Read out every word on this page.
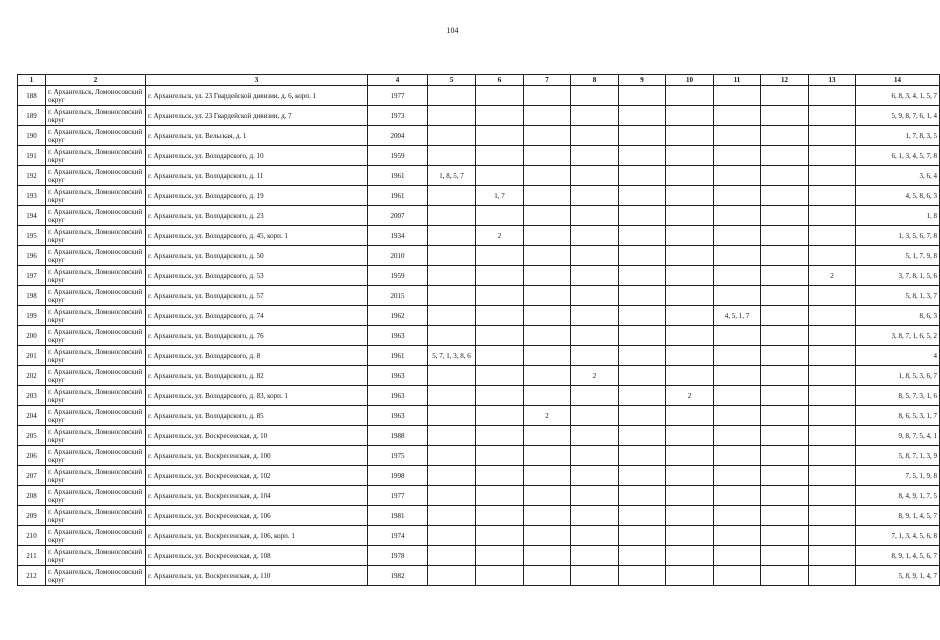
104
1	2	3	4	5	6	7	8	9	10	11	12	13	14
188	г. Архангельск, Ломоносовский округ	г. Архангельск, ул. 23 Гвардейской дивизии, д. 6, корп. 1	1977										6, 8, 3, 4, 1, 5, 7
189	г. Архангельск, Ломоносовский округ	г. Архангельск, ул. 23 Гвардейской дивизии, д. 7	1973										5, 9, 8, 7, 6, 1, 4
190	г. Архангельск, Ломоносовский округ	г. Архангельск, ул. Вельская, д. 1	2004										1, 7, 8, 3, 5
191	г. Архангельск, Ломоносовский округ	г. Архангельск, ул. Володарского, д. 10	1959										6, 1, 3, 4, 5, 7, 8
192	г. Архангельск, Ломоносовский округ	г. Архангельск, ул. Володарского, д. 11	1961	1, 8, 5, 7									3, 6, 4
193	г. Архангельск, Ломоносовский округ	г. Архангельск, ул. Володарского, д. 19	1961		1, 7								4, 5, 8, 6, 3
194	г. Архангельск, Ломоносовский округ	г. Архангельск, ул. Володарского, д. 23	2007										1, 8
195	г. Архангельск, Ломоносовский округ	г. Архангельск, ул. Володарского, д. 45, корп. 1	1934		2								1, 3, 5, 6, 7, 8
196	г. Архангельск, Ломоносовский округ	г. Архангельск, ул. Володарского, д. 50	2010										5, 1, 7, 9, 8
197	г. Архангельск, Ломоносовский округ	г. Архангельск, ул. Володарского, д. 53	1959									2	3, 7, 8, 1, 5, 6
198	г. Архангельск, Ломоносовский округ	г. Архангельск, ул. Володарского, д. 57	2015										5, 8, 1, 3, 7
199	г. Архангельск, Ломоносовский округ	г. Архангельск, ул. Володарского, д. 74	1962							4, 5, 1, 7			8, 6, 3
200	г. Архангельск, Ломоносовский округ	г. Архангельск, ул. Володарского, д. 76	1963										3, 8, 7, 1, 6, 5, 2
201	г. Архангельск, Ломоносовский округ	г. Архангельск, ул. Володарского, д. 8	1961	5, 7, 1, 3, 8, 6									4
202	г. Архангельск, Ломоносовский округ	г. Архангельск, ул. Володарского, д. 82	1963				2						1, 8, 5, 3, 6, 7
203	г. Архангельск, Ломоносовский округ	г. Архангельск, ул. Володарского, д. 83, корп. 1	1963						2				8, 5, 7, 3, 1, 6
204	г. Архангельск, Ломоносовский округ	г. Архангельск, ул. Володарского, д. 85	1963			2							8, 6, 5, 3, 1, 7
205	г. Архангельск, Ломоносовский округ	г. Архангельск, ул. Воскресенская, д. 10	1988										9, 8, 7, 5, 4, 1
206	г. Архангельск, Ломоносовский округ	г. Архангельск, ул. Воскресенская, д. 100	1975										5, 8, 7, 1, 3, 9
207	г. Архангельск, Ломоносовский округ	г. Архангельск, ул. Воскресенская, д. 102	1998										7, 5, 1, 9, 8
208	г. Архангельск, Ломоносовский округ	г. Архангельск, ул. Воскресенская, д. 104	1977										8, 4, 9, 1, 7, 5
209	г. Архангельск, Ломоносовский округ	г. Архангельск, ул. Воскресенская, д. 106	1981										8, 9, 1, 4, 5, 7
210	г. Архангельск, Ломоносовский округ	г. Архангельск, ул. Воскресенская, д. 106, корп. 1	1974										7, 1, 3, 4, 5, 6, 8
211	г. Архангельск, Ломоносовский округ	г. Архангельск, ул. Воскресенская, д. 108	1978										8, 9, 1, 4, 5, 6, 7
212	г. Архангельск, Ломоносовский округ	г. Архангельск, ул. Воскресенская, д. 110	1982										5, 8, 9, 1, 4, 7
